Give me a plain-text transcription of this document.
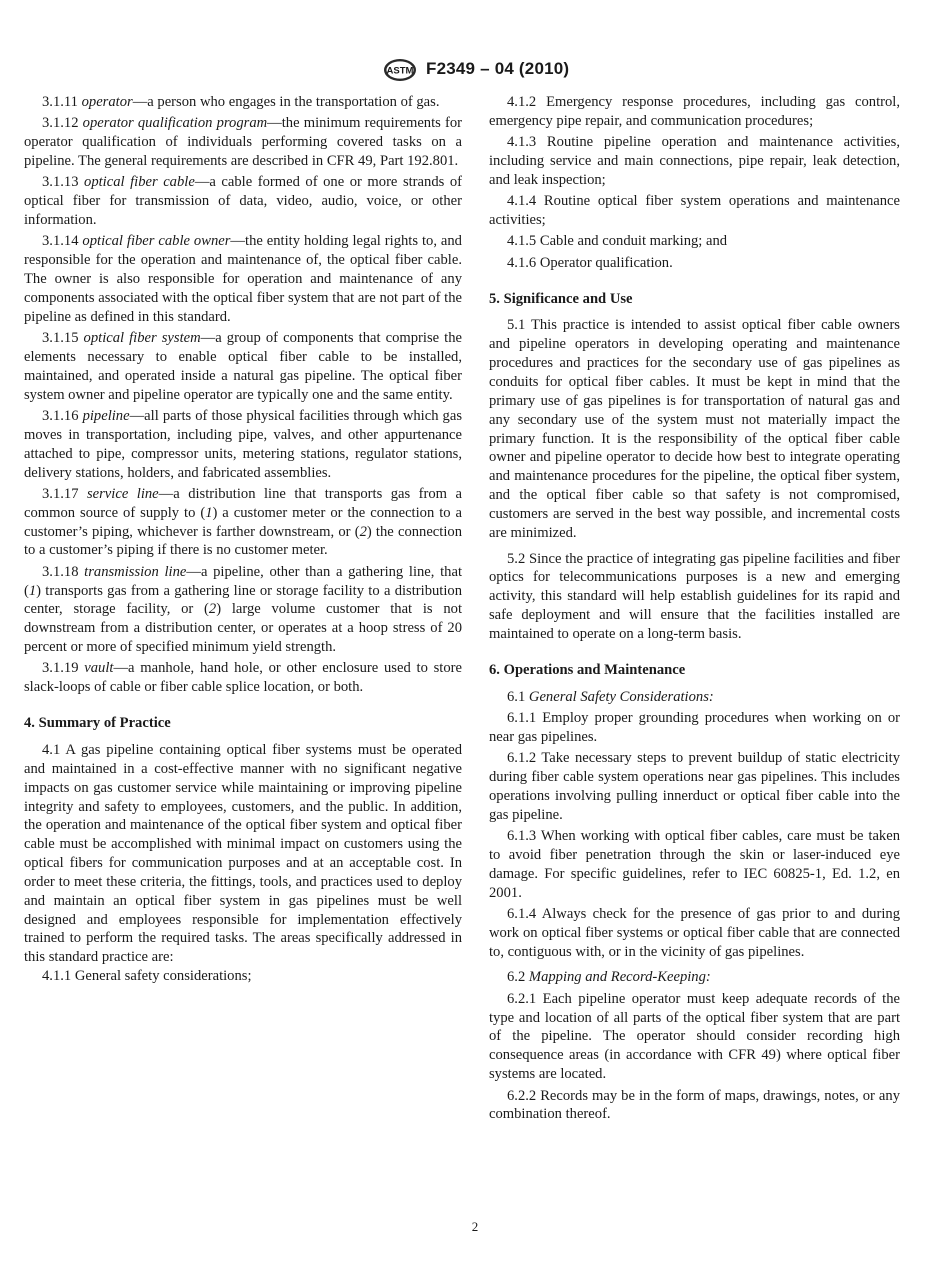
ASTM F2349 – 04 (2010)

3.1.11 operator—a person who engages in the transportation of gas.

3.1.12 operator qualification program—the minimum requirements for operator qualification of individuals performing covered tasks on a pipeline. The general requirements are described in CFR 49, Part 192.801.

3.1.13 optical fiber cable—a cable formed of one or more strands of optical fiber for transmission of data, video, audio, voice, or other information.

3.1.14 optical fiber cable owner—the entity holding legal rights to, and responsible for the operation and maintenance of, the optical fiber cable. The owner is also responsible for operation and maintenance of any components associated with the optical fiber system that are not part of the pipeline as defined in this standard.

3.1.15 optical fiber system—a group of components that comprise the elements necessary to enable optical fiber cable to be installed, maintained, and operated inside a natural gas pipeline. The optical fiber system owner and pipeline operator are typically one and the same entity.

3.1.16 pipeline—all parts of those physical facilities through which gas moves in transportation, including pipe, valves, and other appurtenance attached to pipe, compressor units, metering stations, regulator stations, delivery stations, holders, and fabricated assemblies.

3.1.17 service line—a distribution line that transports gas from a common source of supply to (1) a customer meter or the connection to a customer’s piping, whichever is farther downstream, or (2) the connection to a customer’s piping if there is no customer meter.

3.1.18 transmission line—a pipeline, other than a gathering line, that (1) transports gas from a gathering line or storage facility to a distribution center, storage facility, or (2) large volume customer that is not downstream from a distribution center, or operates at a hoop stress of 20 percent or more of specified minimum yield strength.

3.1.19 vault—a manhole, hand hole, or other enclosure used to store slack-loops of cable or fiber cable splice location, or both.

4. Summary of Practice

4.1 A gas pipeline containing optical fiber systems must be operated and maintained in a cost-effective manner with no significant negative impacts on gas customer service while maintaining or improving pipeline integrity and safety to employees, customers, and the public. In addition, the operation and maintenance of the optical fiber system and optical fiber cable must be accomplished with minimal impact on customers using the optical fibers for communication purposes and at an acceptable cost. In order to meet these criteria, the fittings, tools, and practices used to deploy and maintain an optical fiber system in gas pipelines must be well designed and employees responsible for implementation effectively trained to perform the required tasks. The areas specifically addressed in this standard practice are:

4.1.1 General safety considerations;

4.1.2 Emergency response procedures, including gas control, emergency pipe repair, and communication procedures;

4.1.3 Routine pipeline operation and maintenance activities, including service and main connections, pipe repair, leak detection, and leak inspection;

4.1.4 Routine optical fiber system operations and maintenance activities;

4.1.5 Cable and conduit marking; and

4.1.6 Operator qualification.

5. Significance and Use

5.1 This practice is intended to assist optical fiber cable owners and pipeline operators in developing operating and maintenance procedures and practices for the secondary use of gas pipelines as conduits for optical fiber cables. It must be kept in mind that the primary use of gas pipelines is for transportation of natural gas and any secondary use of the system must not materially impact the primary function. It is the responsibility of the optical fiber cable owner and pipeline operator to decide how best to integrate operating and maintenance procedures for the pipeline, the optical fiber system, and the optical fiber cable so that safety is not compromised, customers are served in the best way possible, and incremental costs are minimized.

5.2 Since the practice of integrating gas pipeline facilities and fiber optics for telecommunications purposes is a new and emerging activity, this standard will help establish guidelines for its rapid and safe deployment and will ensure that the facilities installed are maintained to operate on a long-term basis.

6. Operations and Maintenance

6.1 General Safety Considerations:

6.1.1 Employ proper grounding procedures when working on or near gas pipelines.

6.1.2 Take necessary steps to prevent buildup of static electricity during fiber cable system operations near gas pipelines. This includes operations involving pulling innerduct or optical fiber cable into the gas pipeline.

6.1.3 When working with optical fiber cables, care must be taken to avoid fiber penetration through the skin or laser-induced eye damage. For specific guidelines, refer to IEC 60825-1, Ed. 1.2, en 2001.

6.1.4 Always check for the presence of gas prior to and during work on optical fiber systems or optical fiber cable that are connected to, contiguous with, or in the vicinity of gas pipelines.

6.2 Mapping and Record-Keeping:

6.2.1 Each pipeline operator must keep adequate records of the type and location of all parts of the optical fiber system that are part of the pipeline. The operator should consider recording high consequence areas (in accordance with CFR 49) where optical fiber systems are located.

6.2.2 Records may be in the form of maps, drawings, notes, or any combination thereof.

2
